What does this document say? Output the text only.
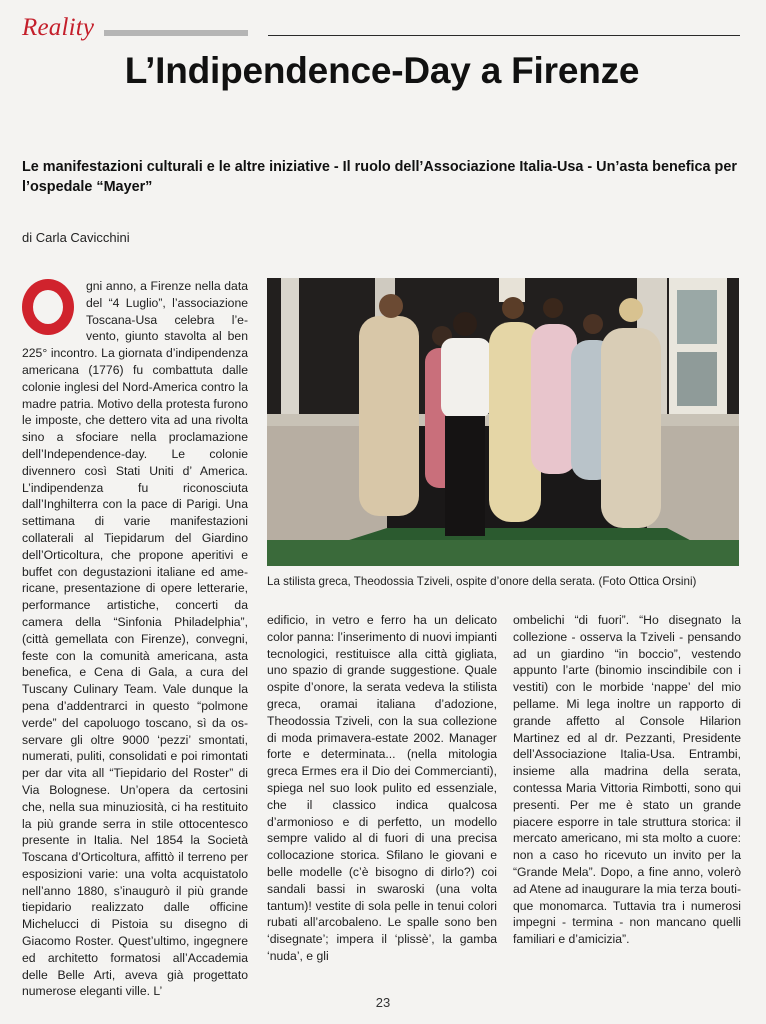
Reality
L’Indipendence-Day a Firenze

Le manifestazioni culturali e le altre iniziative - Il ruolo dell’Associazione Italia-Usa - Un’asta benefica per l’ospedale “Mayer”

di Carla Cavicchini

gni anno, a Firenze nella data del “4 Luglio”, l’associazione Toscana-Usa celebra l’evento, giunto stavolta al ben 225° incontro. La giornata d’indipendenza americana (1776) fu combattuta dalle colonie inglesi del Nord-America contro la madre patria. Motivo della protesta furono le imposte, che dettero vita ad una rivolta sino a sfociare nella proclamazione dell’Independence-day. Le colonie divennero così Stati Uniti d’ America. L’indipendenza fu riconosciuta dall’Inghilterra con la pace di Parigi. Una settimana di varie manifestazioni collaterali al Tiepidarum del Giardino dell’Orticoltura, che propone aperitivi e buffet con degustazioni italiane ed americane, presentazione di opere letterarie, performance artistiche, concerti da camera della “Sinfonia Philadelphia”, (città gemellata con Firenze), convegni, feste con la comunità americana, asta benefica, e Cena di Gala, a cura del Tuscany Culinary Team. Vale dunque la pena d’addentrarci in questo “polmone verde” del capoluogo toscano, sì da osservare gli oltre 9000 ‘pezzi’ smontati, numerati, puliti, consolidati e poi rimontati per dar vita all “Tiepidario del Roster” di Via Bolognese. Un’opera da certosini che, nella sua minuziosità, ci ha restituito la più grande serra in stile ottocentesco presente in Italia. Nel 1854 la Società Toscana d’Orticoltura, affittò il terreno per esposizioni varie: una volta acquistatolo nell’anno 1880, s’inaugurò il più grande tiepidario realizzato dalle officine Michelucci di Pistoia su disegno di Giacomo Roster. Quest’ultimo, ingegnere ed architetto formatosi all’Accademia delle Belle Arti, aveva già progettato numerose eleganti ville. L’

La stilista greca, Theodossia Tziveli, ospite d’onore della serata. (Foto Ottica Orsini)

edificio, in vetro e ferro ha un delicato color panna: l’inserimento di nuovi impianti tecnologici, restituisce alla città gigliata, uno spazio di grande suggestione. Quale ospite d’onore, la serata vedeva la stilista greca, oramai italiana d’adozione, Theodossia Tziveli, con la sua collezione di moda primavera-estate 2002. Manager forte e determinata... (nella mitologia greca Ermes era il Dio dei Commercianti), spiega nel suo look pulito ed essenziale, che il classico indica qualcosa d’armonioso e di perfetto, un modello sempre valido al di fuori di una precisa collocazione storica. Sfilano le giovani e belle modelle (c’è bisogno di dirlo?) coi sandali bassi in swaroski (una volta tantum)! vestite di sola pelle in tenui colori rubati all’arcobaleno. Le spalle sono ben ‘disegnate’; impera il ‘plissè’, la gamba ‘nuda’, e gli
ombelichi “di fuori”. “Ho disegnato la collezione - osserva la Tziveli - pensando ad un giardino “in boccio”, vestendo appunto l’arte (binomio inscindibile con i vestiti) con le morbide ‘nappe’ del mio pellame. Mi lega inoltre un rapporto di grande affetto al Console Hilarion Martinez ed al dr. Pezzanti, Presidente dell’Associazione Italia-Usa. Entrambi, insieme alla madrina della serata, contessa Maria Vittoria Rimbotti, sono qui presenti. Per me è stato un grande piacere esporre in tale struttura storica: il mercato americano, mi sta molto a cuore: non a caso ho ricevuto un invito per la “Grande Mela”. Dopo, a fine anno, volerò ad Atene ad inaugurare la mia terza boutique monomarca. Tuttavia tra i numerosi impegni - termina - non mancano quelli familiari e d’amicizia”.
23
